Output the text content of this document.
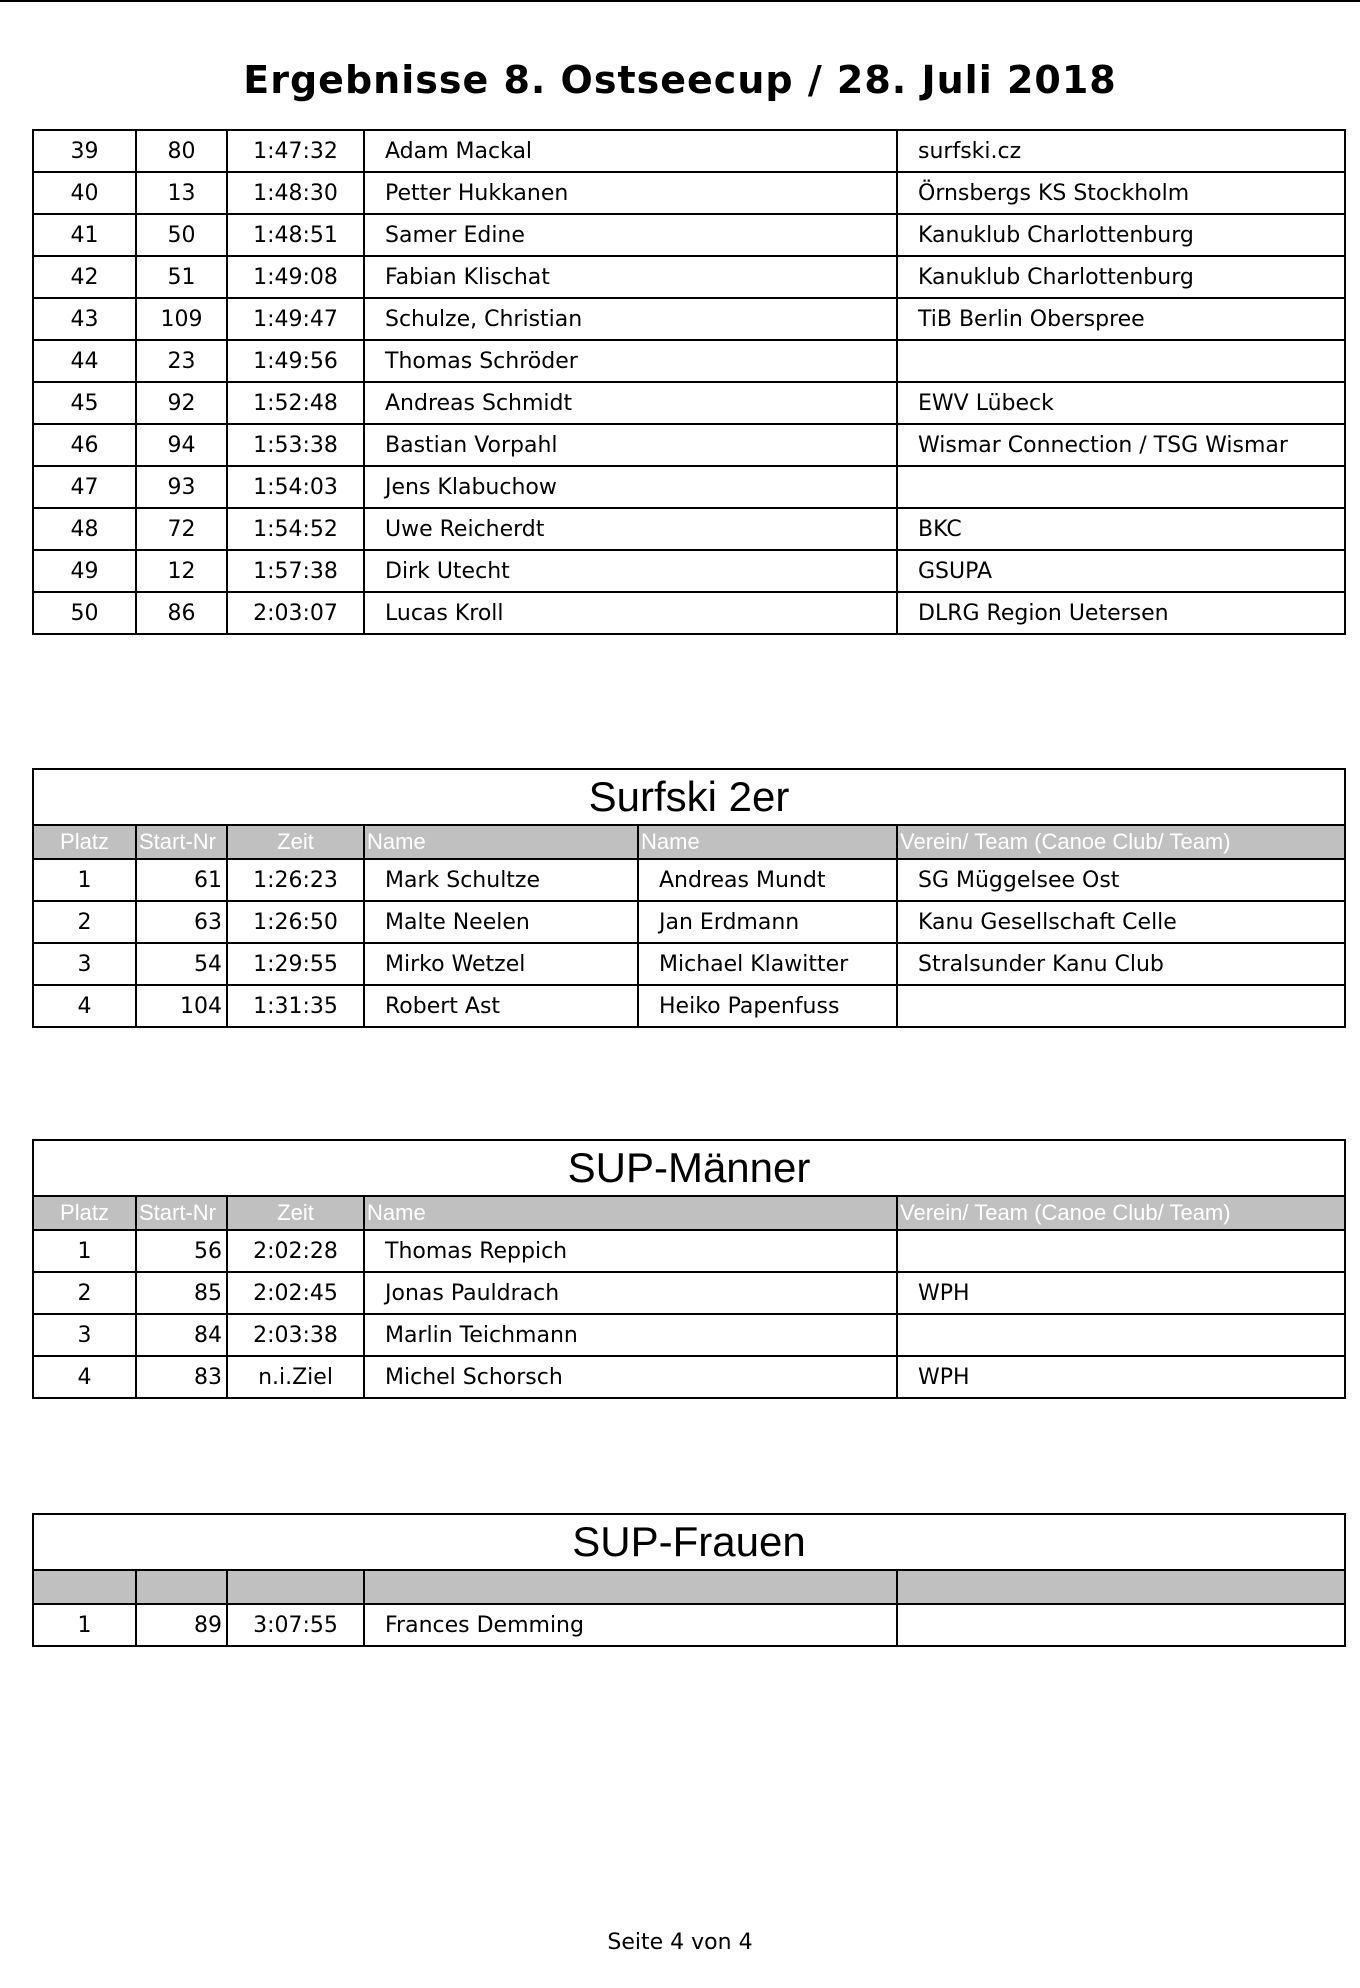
Ergebnisse 8. Ostseecup / 28. Juli 2018
39	80	1:47:32	Adam Mackal	surfski.cz
40	13	1:48:30	Petter Hukkanen	Örnsbergs KS Stockholm
41	50	1:48:51	Samer Edine	Kanuklub Charlottenburg
42	51	1:49:08	Fabian Klischat	Kanuklub Charlottenburg
43	109	1:49:47	Schulze, Christian	TiB Berlin Oberspree
44	23	1:49:56	Thomas Schröder	
45	92	1:52:48	Andreas Schmidt	EWV Lübeck
46	94	1:53:38	Bastian Vorpahl	Wismar Connection / TSG Wismar
47	93	1:54:03	Jens Klabuchow	
48	72	1:54:52	Uwe Reicherdt	BKC
49	12	1:57:38	Dirk Utecht	GSUPA
50	86	2:03:07	Lucas Kroll	DLRG Region Uetersen
Surfski 2er					
Platz	Start-Nr	Zeit	Name	Name	Verein/ Team (Canoe Club/ Team)
1	61	1:26:23	Mark Schultze	Andreas Mundt	SG Müggelsee Ost
2	63	1:26:50	Malte Neelen	Jan Erdmann	Kanu Gesellschaft Celle
3	54	1:29:55	Mirko Wetzel	Michael Klawitter	Stralsunder Kanu Club
4	104	1:31:35	Robert Ast	Heiko Papenfuss	
SUP-Männer				
Platz	Start-Nr	Zeit	Name	Verein/ Team (Canoe Club/ Team)
1	56	2:02:28	Thomas Reppich	
2	85	2:02:45	Jonas Pauldrach	WPH
3	84	2:03:38	Marlin Teichmann	
4	83	n.i.Ziel	Michel Schorsch	WPH
SUP-Frauen				

1	89	3:07:55	Frances Demming	
Seite 4 von 4
